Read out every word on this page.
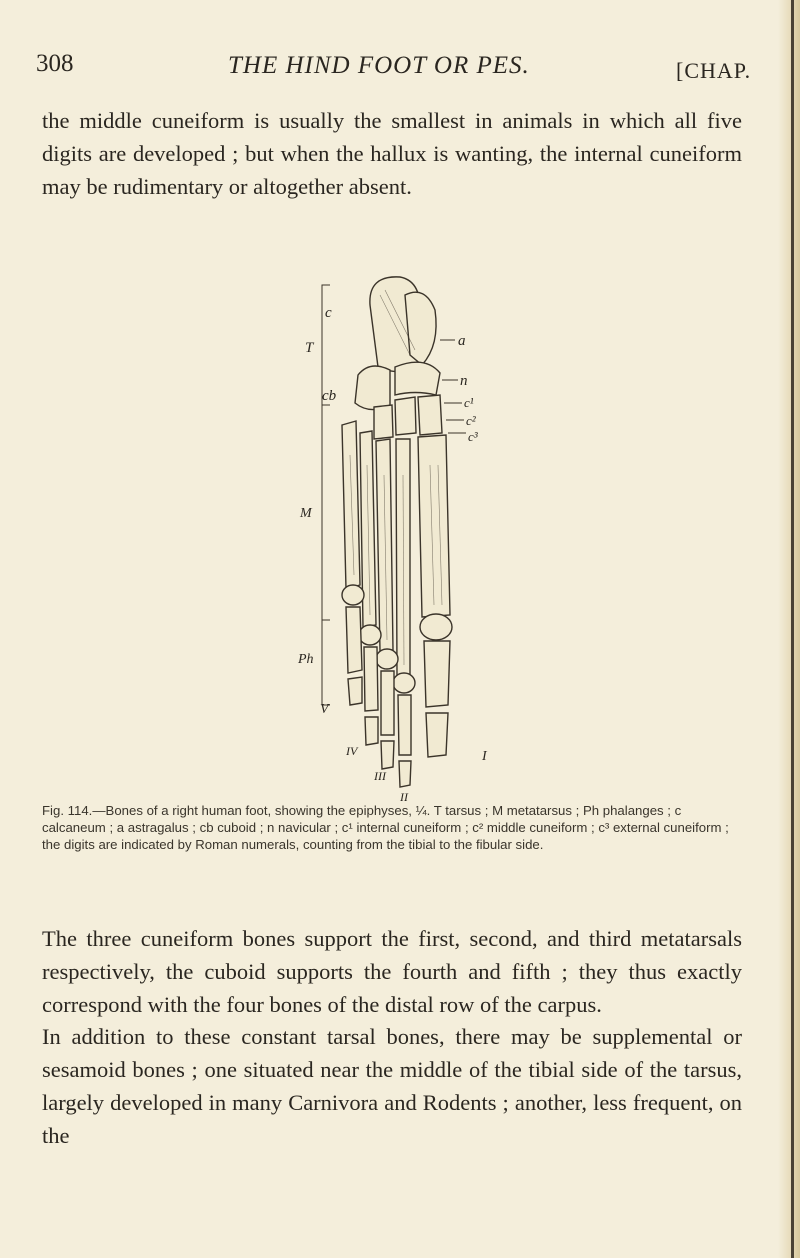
308	THE HIND FOOT OR PES.	[CHAP.

the middle cuneiform is usually the smallest in animals in which all five digits are developed ; but when the hallux is wanting, the internal cuneiform may be rudimentary or altogether absent.

T
c
cb
a
n
c¹
c²
c³
M
Ph
V
IV
III
II
I

Fig. 114.—Bones of a right human foot, showing the epiphyses, ¼. T tarsus ; M metatarsus ; Ph phalanges ; c calcaneum ; a astragalus ; cb cuboid ; n navicular ; c¹ internal cuneiform ; c² middle cuneiform ; c³ external cuneiform ; the digits are indicated by Roman numerals, counting from the tibial to the fibular side.

The three cuneiform bones support the first, second, and third metatarsals respectively, the cuboid supports the fourth and fifth ; they thus exactly correspond with the four bones of the distal row of the carpus.

In addition to these constant tarsal bones, there may be supplemental or sesamoid bones ; one situated near the middle of the tibial side of the tarsus, largely developed in many Carnivora and Rodents ; another, less frequent, on the
